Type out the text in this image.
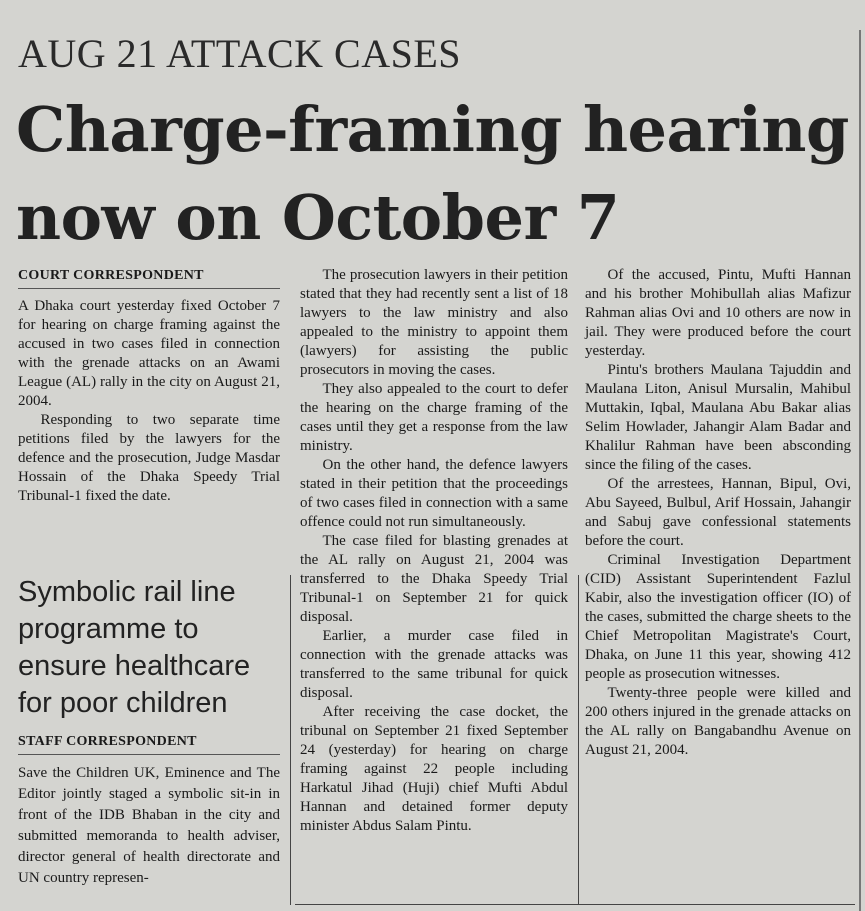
AUG 21 ATTACK CASES
Charge-framing hearing now on October 7
COURT CORRESPONDENT

A Dhaka court yesterday fixed October 7 for hearing on charge framing against the accused in two cases filed in connection with the grenade attacks on an Awami League (AL) rally in the city on August 21, 2004.

Responding to two separate time petitions filed by the lawyers for the defence and the prosecution, Judge Masdar Hossain of the Dhaka Speedy Trial Tribunal-1 fixed the date.

The prosecution lawyers in their petition stated that they had recently sent a list of 18 lawyers to the law ministry and also appealed to the ministry to appoint them (lawyers) for assisting the public prosecutors in moving the cases.

They also appealed to the court to defer the hearing on the charge framing of the cases until they get a response from the law ministry.

On the other hand, the defence lawyers stated in their petition that the proceedings of two cases filed in connection with a same offence could not run simultaneously.

The case filed for blasting grenades at the AL rally on August 21, 2004 was transferred to the Dhaka Speedy Trial Tribunal-1 on September 21 for quick disposal.

Earlier, a murder case filed in connection with the grenade attacks was transferred to the same tribunal for quick disposal.

After receiving the case docket, the tribunal on September 21 fixed September 24 (yesterday) for hearing on charge framing against 22 people including Harkatul Jihad (Huji) chief Mufti Abdul Hannan and detained former deputy minister Abdus Salam Pintu.

Of the accused, Pintu, Mufti Hannan and his brother Mohibullah alias Mafizur Rahman alias Ovi and 10 others are now in jail. They were produced before the court yesterday.

Pintu's brothers Maulana Tajuddin and Maulana Liton, Anisul Mursalin, Mahibul Muttakin, Iqbal, Maulana Abu Bakar alias Selim Howlader, Jahangir Alam Badar and Khalilur Rahman have been absconding since the filing of the cases.

Of the arrestees, Hannan, Bipul, Ovi, Abu Sayeed, Bulbul, Arif Hossain, Jahangir and Sabuj gave confessional statements before the court.

Criminal Investigation Department (CID) Assistant Superintendent Fazlul Kabir, also the investigation officer (IO) of the cases, submitted the charge sheets to the Chief Metropolitan Magistrate's Court, Dhaka, on June 11 this year, showing 412 people as prosecution witnesses.

Twenty-three people were killed and 200 others injured in the grenade attacks on the AL rally on Bangabandhu Avenue on August 21, 2004.

Symbolic rail line programme to ensure healthcare for poor children
STAFF CORRESPONDENT

Save the Children UK, Eminence and The Editor jointly staged a symbolic sit-in in front of the IDB Bhaban in the city and submitted memoranda to health adviser, director general of health directorate and UN country represen-
